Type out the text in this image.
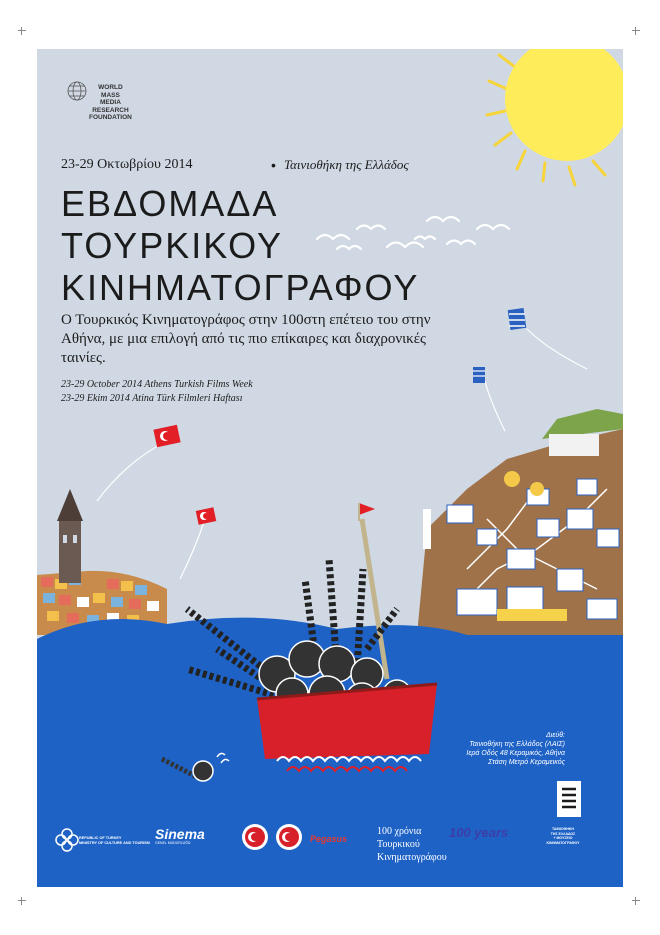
WORLD
MASS
MEDIA
RESEARCH
FOUNDATION
23-29 Οκτωβρίου 2014	• Ταινιοθήκη της Ελλάδος
ΕΒΔΟΜΑΔΑ
ΤΟΥΡΚΙΚΟΥ
ΚΙΝΗΜΑΤΟΓΡΑΦΟΥ
Ο Τουρκικός Κινηματογράφος στην 100στη επέτειο του στην Αθήνα, με μια επιλογή από τις πιο επίκαιρες και διαχρονικές ταινίες.
23-29 October 2014 Athens Turkish Films Week
23-29 Ekim 2014 Atina Türk Filmleri Haftası
Διεύθ:
Ταινιοθήκη της Ελλάδος (ΛΑΙΣ)
Ιερά Οδός 48 Κεραμικός, Αθήνα
Στάση Μετρό Κεραμεικός
REPUBLIC OF TURKEY
MINISTRY OF CULTURE AND TOURISM
Sinema
GENEL MÜDÜRLÜĞÜ	Pegasus
100 χρόνια
Τουρκικού
Κινηματογράφου
100 years	ΤΑΙΝΙΟΘΗΚΗ
ΤΗΣ ΕΛΛΑΔΟΣ
+ ΜΟΥΣΕΙΟ
ΚΙΝΗΜΑΤΟΓΡΑΦΟΥ
